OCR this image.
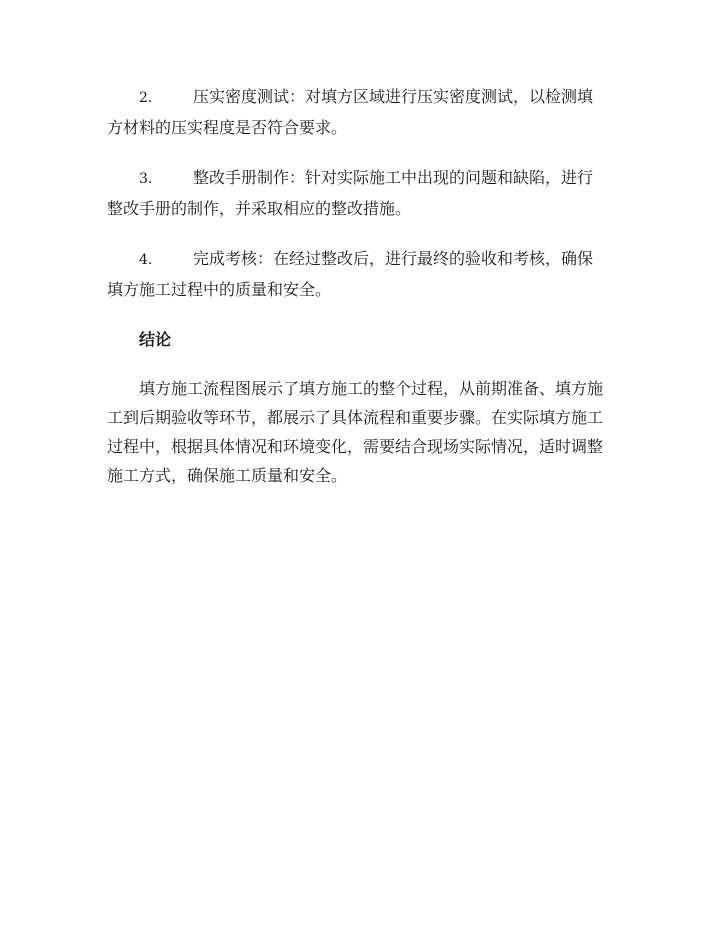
2.	压实密度测试：对填方区域进行压实密度测试，以检测填方材料的压实程度是否符合要求。

3.	整改手册制作：针对实际施工中出现的问题和缺陷，进行整改手册的制作，并采取相应的整改措施。

4.	完成考核：在经过整改后，进行最终的验收和考核，确保填方施工过程中的质量和安全。

结论

填方施工流程图展示了填方施工的整个过程，从前期准备、填方施工到后期验收等环节，都展示了具体流程和重要步骤。在实际填方施工过程中，根据具体情况和环境变化，需要结合现场实际情况，适时调整施工方式，确保施工质量和安全。
